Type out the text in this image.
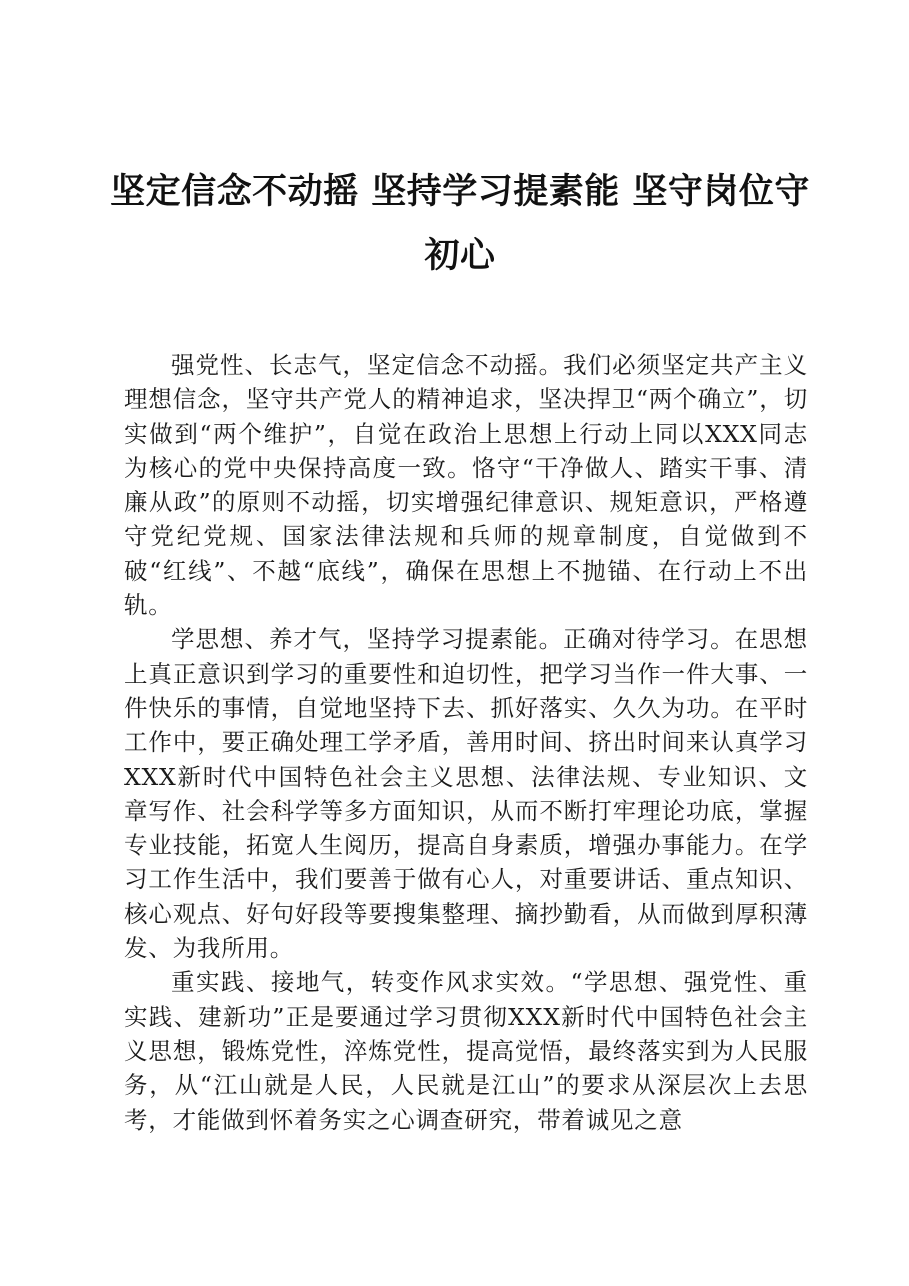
坚定信念不动摇 坚持学习提素能 坚守岗位守初心

强党性、长志气，坚定信念不动摇。我们必须坚定共产主义理想信念，坚守共产党人的精神追求，坚决捍卫“两个确立”，切实做到“两个维护”，自觉在政治上思想上行动上同以XXX同志为核心的党中央保持高度一致。恪守“干净做人、踏实干事、清廉从政”的原则不动摇，切实增强纪律意识、规矩意识，严格遵守党纪党规、国家法律法规和兵师的规章制度，自觉做到不破“红线”、不越“底线”，确保在思想上不抛锚、在行动上不出轨。

学思想、养才气，坚持学习提素能。正确对待学习。在思想上真正意识到学习的重要性和迫切性，把学习当作一件大事、一件快乐的事情，自觉地坚持下去、抓好落实、久久为功。在平时工作中，要正确处理工学矛盾，善用时间、挤出时间来认真学习XXX新时代中国特色社会主义思想、法律法规、专业知识、文章写作、社会科学等多方面知识，从而不断打牢理论功底，掌握专业技能，拓宽人生阅历，提高自身素质，增强办事能力。在学习工作生活中，我们要善于做有心人，对重要讲话、重点知识、核心观点、好句好段等要搜集整理、摘抄勤看，从而做到厚积薄发、为我所用。

重实践、接地气，转变作风求实效。“学思想、强党性、重实践、建新功”正是要通过学习贯彻XXX新时代中国特色社会主义思想，锻炼党性，淬炼党性，提高觉悟，最终落实到为人民服务，从“江山就是人民，人民就是江山”的要求从深层次上去思考，才能做到怀着务实之心调查研究，带着诚见之意
